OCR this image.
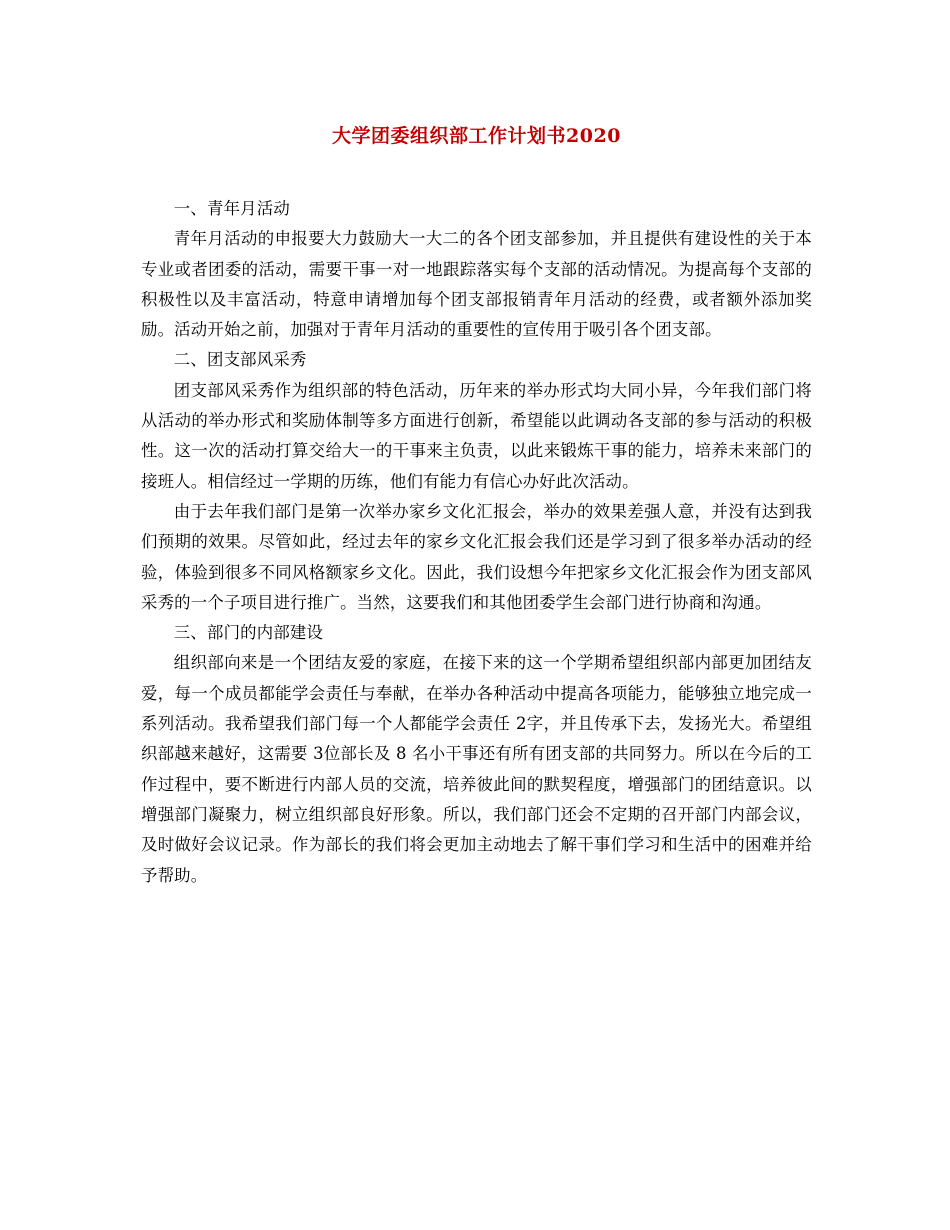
大学团委组织部工作计划书2020

一、青年月活动

青年月活动的申报要大力鼓励大一大二的各个团支部参加，并且提供有建设性的关于本专业或者团委的活动，需要干事一对一地跟踪落实每个支部的活动情况。为提高每个支部的积极性以及丰富活动，特意申请增加每个团支部报销青年月活动的经费，或者额外添加奖励。活动开始之前，加强对于青年月活动的重要性的宣传用于吸引各个团支部。

二、团支部风采秀

团支部风采秀作为组织部的特色活动，历年来的举办形式均大同小异，今年我们部门将从活动的举办形式和奖励体制等多方面进行创新，希望能以此调动各支部的参与活动的积极性。这一次的活动打算交给大一的干事来主负责，以此来锻炼干事的能力，培养未来部门的接班人。相信经过一学期的历练，他们有能力有信心办好此次活动。

由于去年我们部门是第一次举办家乡文化汇报会，举办的效果差强人意，并没有达到我们预期的效果。尽管如此，经过去年的家乡文化汇报会我们还是学习到了很多举办活动的经验，体验到很多不同风格额家乡文化。因此，我们设想今年把家乡文化汇报会作为团支部风采秀的一个子项目进行推广。当然，这要我们和其他团委学生会部门进行协商和沟通。

三、部门的内部建设

组织部向来是一个团结友爱的家庭，在接下来的这一个学期希望组织部内部更加团结友爱，每一个成员都能学会责任与奉献，在举办各种活动中提高各项能力，能够独立地完成一系列活动。我希望我们部门每一个人都能学会责任 2字，并且传承下去，发扬光大。希望组织部越来越好，这需要 3位部长及 8 名小干事还有所有团支部的共同努力。所以在今后的工作过程中，要不断进行内部人员的交流，培养彼此间的默契程度，增强部门的团结意识。以增强部门凝聚力，树立组织部良好形象。所以，我们部门还会不定期的召开部门内部会议，及时做好会议记录。作为部长的我们将会更加主动地去了解干事们学习和生活中的困难并给予帮助。
